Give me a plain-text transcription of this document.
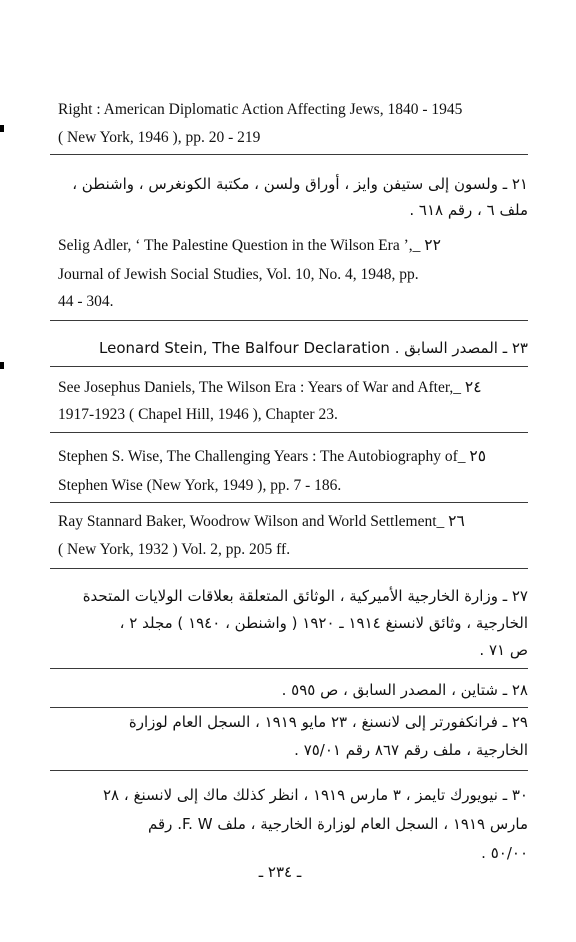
Right : American Diplomatic Action Affecting Jews, 1840 - 1945
( New York, 1946 ), pp. 20 - 219
٢١ ـ ولسون إلى ستيفن وايز ، أوراق ولسن ، مكتبة الكونغرس ، واشنطن ،
ملف ٦ ، رقم ٦١٨ .
Selig Adler, ‘ The Palestine Question in the Wilson Era ’,_ ٢٢
Journal of Jewish Social Studies, Vol. 10, No. 4, 1948, pp.
44 - 304.
٢٣ ـ المصدر السابق . Leonard Stein, The Balfour Declaration
See Josephus Daniels, The Wilson Era : Years of War and After,_ ٢٤
1917-1923 ( Chapel Hill, 1946 ), Chapter 23.
Stephen S. Wise, The Challenging Years : The Autobiography of_ ٢٥
Stephen Wise (New York, 1949 ), pp. 7 - 186.
Ray Stannard Baker, Woodrow Wilson and World Settlement_ ٢٦
( New York, 1932 ) Vol. 2, pp. 205 ff.
٢٧ ـ وزارة الخارجية الأميركية ، الوثائق المتعلقة بعلاقات الولايات المتحدة
الخارجية ، وثائق لانسنغ ١٩١٤ ـ ١٩٢٠ ( واشنطن ، ١٩٤٠ ) مجلد ٢ ،
ص ٧١ .
٢٨ ـ شتاين ، المصدر السابق ، ص ٥٩٥ .
٢٩ ـ فرانكفورتر إلى لانسنغ ، ٢٣ مايو ١٩١٩ ، السجل العام لوزارة
الخارجية ، ملف رقم ٨٦٧ رقم ٧٥/٠١ .
٣٠ ـ نيويورك تايمز ، ٣ مارس ١٩١٩ ، انظر كذلك ماك إلى لانسنغ ، ٢٨
مارس ١٩١٩ ، السجل العام لوزارة الخارجية ، ملف F. W. رقم
٥٠/٠٠ .
ـ ٢٣٤ ـ
